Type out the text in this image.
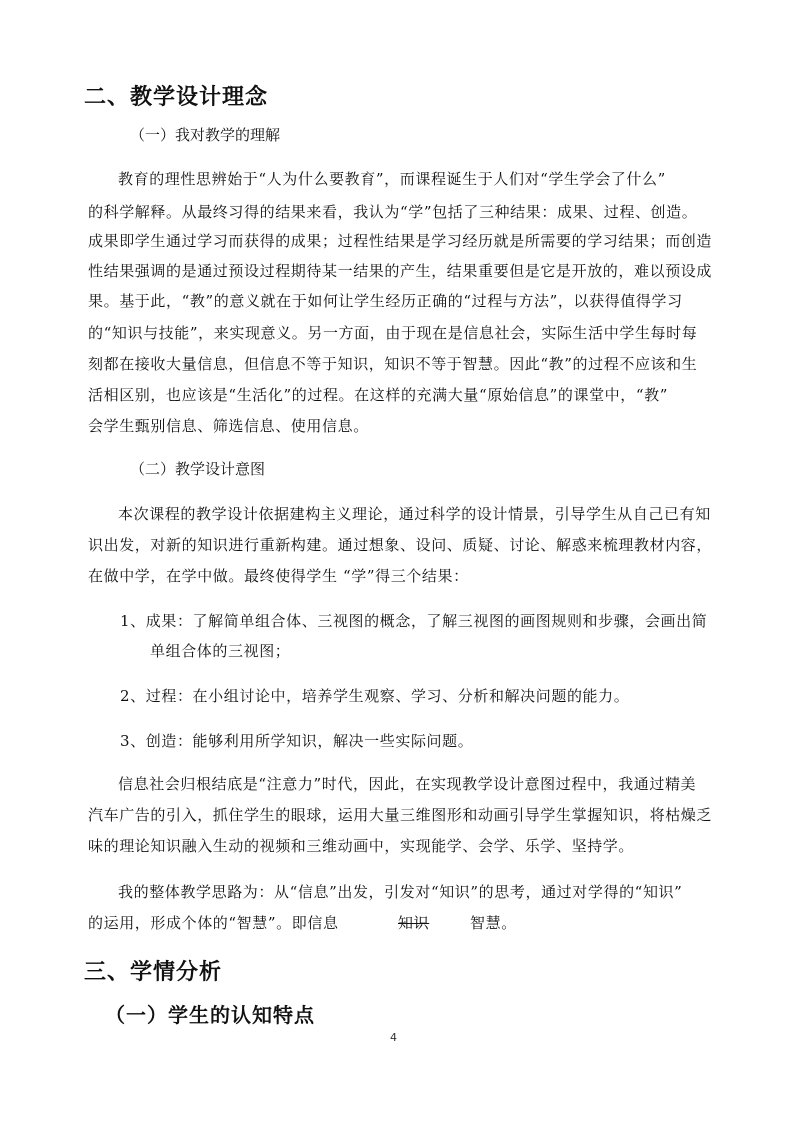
二、教学设计理念
（一）我对教学的理解
教育的理性思辨始于“人为什么要教育”，而课程诞生于人们对“学生学会了什么”
的科学解释。从最终习得的结果来看，我认为“学”包括了三种结果：成果、过程、创造。
成果即学生通过学习而获得的成果；过程性结果是学习经历就是所需要的学习结果；而创造
性结果强调的是通过预设过程期待某一结果的产生，结果重要但是它是开放的，难以预设成
果。基于此，“教”的意义就在于如何让学生经历正确的“过程与方法”，以获得值得学习
的“知识与技能”，来实现意义。另一方面，由于现在是信息社会，实际生活中学生每时每
刻都在接收大量信息，但信息不等于知识，知识不等于智慧。因此“教”的过程不应该和生
活相区别，也应该是“生活化”的过程。在这样的充满大量“原始信息”的课堂中，“教”
会学生甄别信息、筛选信息、使用信息。
（二）教学设计意图
本次课程的教学设计依据建构主义理论，通过科学的设计情景，引导学生从自己已有知
识出发，对新的知识进行重新构建。通过想象、设问、质疑、讨论、解惑来梳理教材内容，
在做中学，在学中做。最终使得学生 “学”得三个结果：
1、成果：了解简单组合体、三视图的概念，了解三视图的画图规则和步骤，会画出简
单组合体的三视图；
2、过程：在小组讨论中，培养学生观察、学习、分析和解决问题的能力。
3、创造：能够利用所学知识，解决一些实际问题。
信息社会归根结底是“注意力”时代，因此，在实现教学设计意图过程中，我通过精美
汽车广告的引入，抓住学生的眼球，运用大量三维图形和动画引导学生掌握知识，将枯燥乏
味的理论知识融入生动的视频和三维动画中，实现能学、会学、乐学、坚持学。
我的整体教学思路为：从“信息”出发，引发对“知识”的思考，通过对学得的“知识”
的运用，形成个体的“智慧”。即信息	知识	智慧。
三、学情分析
（一）学生的认知特点
4
